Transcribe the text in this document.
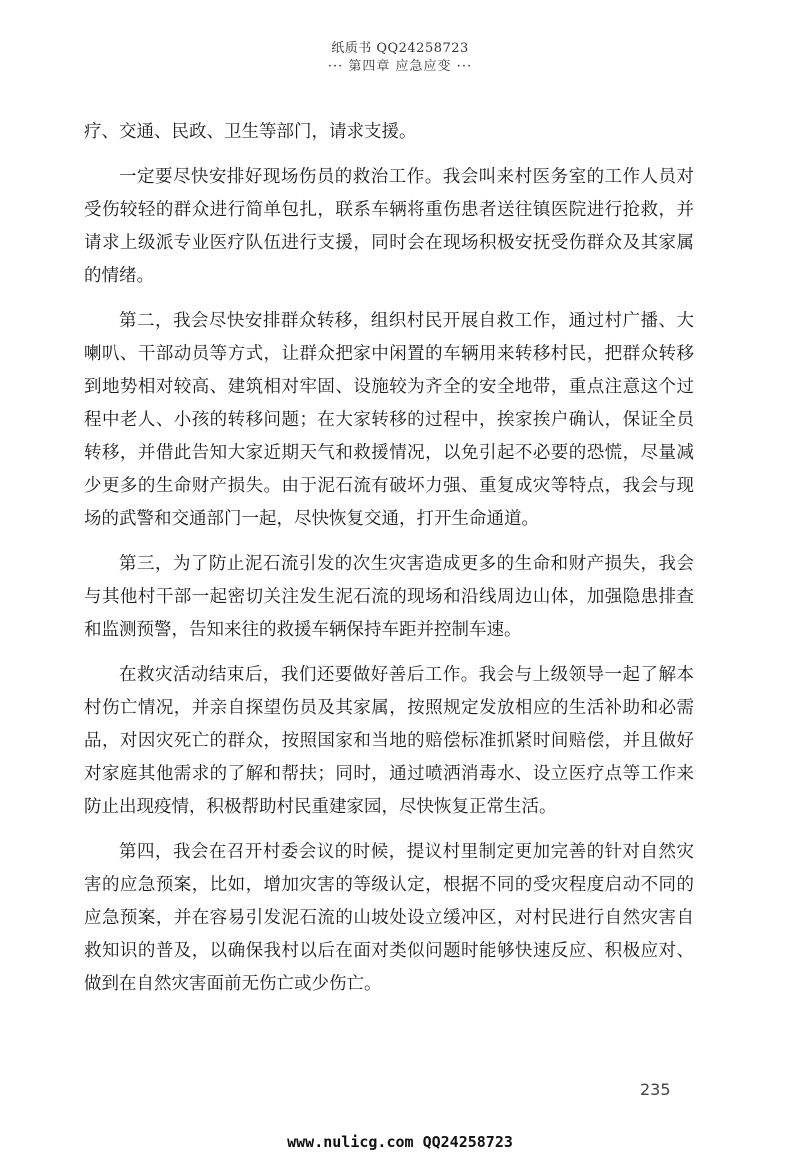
纸质书 QQ24258723
··· 第四章 应急应变 ···

疗、交通、民政、卫生等部门，请求支援。

一定要尽快安排好现场伤员的救治工作。我会叫来村医务室的工作人员对受伤较轻的群众进行简单包扎，联系车辆将重伤患者送往镇医院进行抢救，并请求上级派专业医疗队伍进行支援，同时会在现场积极安抚受伤群众及其家属的情绪。

第二，我会尽快安排群众转移，组织村民开展自救工作，通过村广播、大喇叭、干部动员等方式，让群众把家中闲置的车辆用来转移村民，把群众转移到地势相对较高、建筑相对牢固、设施较为齐全的安全地带，重点注意这个过程中老人、小孩的转移问题；在大家转移的过程中，挨家挨户确认，保证全员转移，并借此告知大家近期天气和救援情况，以免引起不必要的恐慌，尽量减少更多的生命财产损失。由于泥石流有破坏力强、重复成灾等特点，我会与现场的武警和交通部门一起，尽快恢复交通，打开生命通道。

第三，为了防止泥石流引发的次生灾害造成更多的生命和财产损失，我会与其他村干部一起密切关注发生泥石流的现场和沿线周边山体，加强隐患排查和监测预警，告知来往的救援车辆保持车距并控制车速。

在救灾活动结束后，我们还要做好善后工作。我会与上级领导一起了解本村伤亡情况，并亲自探望伤员及其家属，按照规定发放相应的生活补助和必需品，对因灾死亡的群众，按照国家和当地的赔偿标准抓紧时间赔偿，并且做好对家庭其他需求的了解和帮扶；同时，通过喷洒消毒水、设立医疗点等工作来防止出现疫情，积极帮助村民重建家园，尽快恢复正常生活。

第四，我会在召开村委会议的时候，提议村里制定更加完善的针对自然灾害的应急预案，比如，增加灾害的等级认定，根据不同的受灾程度启动不同的应急预案，并在容易引发泥石流的山坡处设立缓冲区，对村民进行自然灾害自救知识的普及，以确保我村以后在面对类似问题时能够快速反应、积极应对、做到在自然灾害面前无伤亡或少伤亡。

235
www.nulicg.com QQ24258723
